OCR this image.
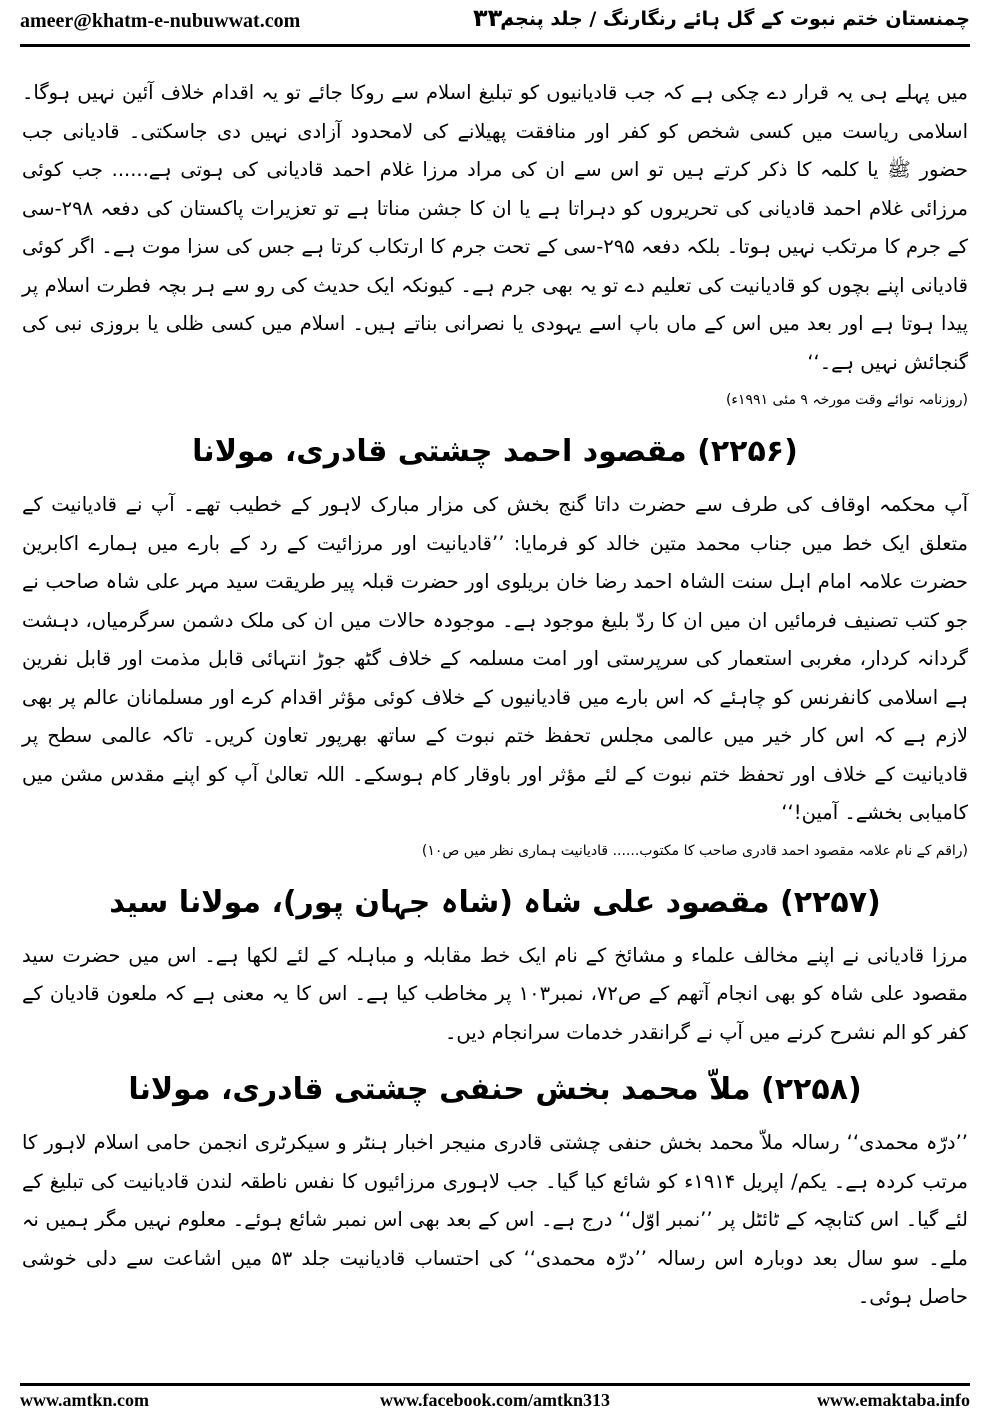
ameer@khatm-e-nubuwwat.com	۳۳۰
چمنستان ختم نبوت کے گل ہائے رنگارنگ / جلد پنجم

میں پہلے ہی یہ قرار دے چکی ہے کہ جب قادیانیوں کو تبلیغ اسلام سے روکا جائے تو یہ اقدام خلاف آئین نہیں ہوگا۔ اسلامی ریاست میں کسی شخص کو کفر اور منافقت پھیلانے کی لامحدود آزادی نہیں دی جاسکتی۔ قادیانی جب حضور ﷺ یا کلمہ کا ذکر کرتے ہیں تو اس سے ان کی مراد مرزا غلام احمد قادیانی کی ہوتی ہے...... جب کوئی مرزائی غلام احمد قادیانی کی تحریروں کو دہراتا ہے یا ان کا جشن مناتا ہے تو تعزیرات پاکستان کی دفعہ ۲۹۸-سی کے جرم کا مرتکب نہیں ہوتا۔ بلکہ دفعہ ۲۹۵-سی کے تحت جرم کا ارتکاب کرتا ہے جس کی سزا موت ہے۔ اگر کوئی قادیانی اپنے بچوں کو قادیانیت کی تعلیم دے تو یہ بھی جرم ہے۔ کیونکہ ایک حدیث کی رو سے ہر بچہ فطرت اسلام پر پیدا ہوتا ہے اور بعد میں اس کے ماں باپ اسے یہودی یا نصرانی بناتے ہیں۔ اسلام میں کسی ظلی یا بروزی نبی کی گنجائش نہیں ہے۔‘‘

(روزنامہ نوائے وقت مورخہ ۹ مئی ۱۹۹۱ء)

(۲۲۵۶) مقصود احمد چشتی قادری، مولانا

آپ محکمہ اوقاف کی طرف سے حضرت داتا گنج بخش کی مزار مبارک لاہور کے خطیب تھے۔ آپ نے قادیانیت کے متعلق ایک خط میں جناب محمد متین خالد کو فرمایا: ’’قادیانیت اور مرزائیت کے رد کے بارے میں ہمارے اکابرین حضرت علامہ امام اہل سنت الشاہ احمد رضا خان بریلوی اور حضرت قبلہ پیر طریقت سید مہر علی شاہ صاحب نے جو کتب تصنیف فرمائیں ان میں ان کا ردّ بلیغ موجود ہے۔ موجودہ حالات میں ان کی ملک دشمن سرگرمیاں، دہشت گردانہ کردار، مغربی استعمار کی سرپرستی اور امت مسلمہ کے خلاف گٹھ جوڑ انتہائی قابل مذمت اور قابل نفرین ہے اسلامی کانفرنس کو چاہئے کہ اس بارے میں قادیانیوں کے خلاف کوئی مؤثر اقدام کرے اور مسلمانان عالم پر بھی لازم ہے کہ اس کار خیر میں عالمی مجلس تحفظ ختم نبوت کے ساتھ بھرپور تعاون کریں۔ تاکہ عالمی سطح پر قادیانیت کے خلاف اور تحفظ ختم نبوت کے لئے مؤثر اور باوقار کام ہوسکے۔ اللہ تعالیٰ آپ کو اپنے مقدس مشن میں کامیابی بخشے۔ آمین!‘‘

(راقم کے نام علامہ مقصود احمد قادری صاحب کا مکتوب...... قادیانیت ہماری نظر میں ص۱۰)

(۲۲۵۷) مقصود علی شاہ (شاہ جہان پور)، مولانا سید

مرزا قادیانی نے اپنے مخالف علماء و مشائخ کے نام ایک خط مقابلہ و مباہلہ کے لئے لکھا ہے۔ اس میں حضرت سید مقصود علی شاہ کو بھی انجام آتھم کے ص۷۲، نمبر۱۰۳ پر مخاطب کیا ہے۔ اس کا یہ معنی ہے کہ ملعون قادیان کے کفر کو الم نشرح کرنے میں آپ نے گرانقدر خدمات سرانجام دیں۔

(۲۲۵۸) ملاّ محمد بخش حنفی چشتی قادری، مولانا

’’درّہ محمدی‘‘ رسالہ ملاّ محمد بخش حنفی چشتی قادری منیجر اخبار ہنٹر و سیکرٹری انجمن حامی اسلام لاہور کا مرتب کردہ ہے۔ یکم/ اپریل ۱۹۱۴ء کو شائع کیا گیا۔ جب لاہوری مرزائیوں کا نفس ناطقہ لندن قادیانیت کی تبلیغ کے لئے گیا۔ اس کتابچہ کے ٹائٹل پر ’’نمبر اوّل‘‘ درج ہے۔ اس کے بعد بھی اس نمبر شائع ہوئے۔ معلوم نہیں مگر ہمیں نہ ملے۔ سو سال بعد دوبارہ اس رسالہ ’’درّہ محمدی‘‘ کی احتساب قادیانیت جلد ۵۳ میں اشاعت سے دلی خوشی حاصل ہوئی۔

www.amtkn.com	www.facebook.com/amtkn313	www.emaktaba.info
